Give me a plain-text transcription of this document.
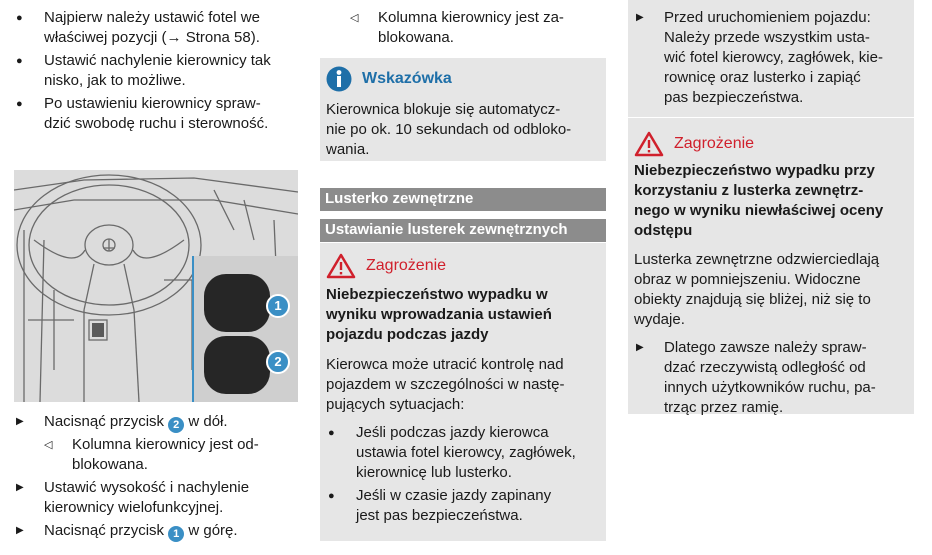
● Najpierw należy ustawić fotel we
właściwej pozycji (→ Strona 58).
● Ustawić nachylenie kierownicy tak
nisko, jak to możliwe.
● Po ustawieniu kierownicy spraw-
dzić swobodę ruchu i sterowność.
1
2
▶ Nacisnąć przycisk 2 w dół.
◁ Kolumna kierownicy jest od-
blokowana.
▶ Ustawić wysokość i nachylenie
kierownicy wielofunkcyjnej.
▶ Nacisnąć przycisk 1 w górę.
◁ Kolumna kierownicy jest za-
blokowana.
Wskazówka
Kierownica blokuje się automatycz-
nie po ok. 10 sekundach od odbloko-
wania.
Lusterko zewnętrzne
Ustawianie lusterek zewnętrznych
Zagrożenie
Niebezpieczeństwo wypadku w
wyniku wprowadzania ustawień
pojazdu podczas jazdy
Kierowca może utracić kontrolę nad
pojazdem w szczególności w nastę-
pujących sytuacjach:
● Jeśli podczas jazdy kierowca
ustawia fotel kierowcy, zagłówek,
kierownicę lub lusterko.
● Jeśli w czasie jazdy zapinany
jest pas bezpieczeństwa.
▶ Przed uruchomieniem pojazdu:
Należy przede wszystkim usta-
wić fotel kierowcy, zagłówek, kie-
rownicę oraz lusterko i zapiąć
pas bezpieczeństwa.
Zagrożenie
Niebezpieczeństwo wypadku przy
korzystaniu z lusterka zewnętrz-
nego w wyniku niewłaściwej oceny
odstępu
Lusterka zewnętrzne odzwierciedlają
obraz w pomniejszeniu. Widoczne
obiekty znajdują się bliżej, niż się to
wydaje.
▶ Dlatego zawsze należy spraw-
dzać rzeczywistą odległość od
innych użytkowników ruchu, pa-
trząc przez ramię.
